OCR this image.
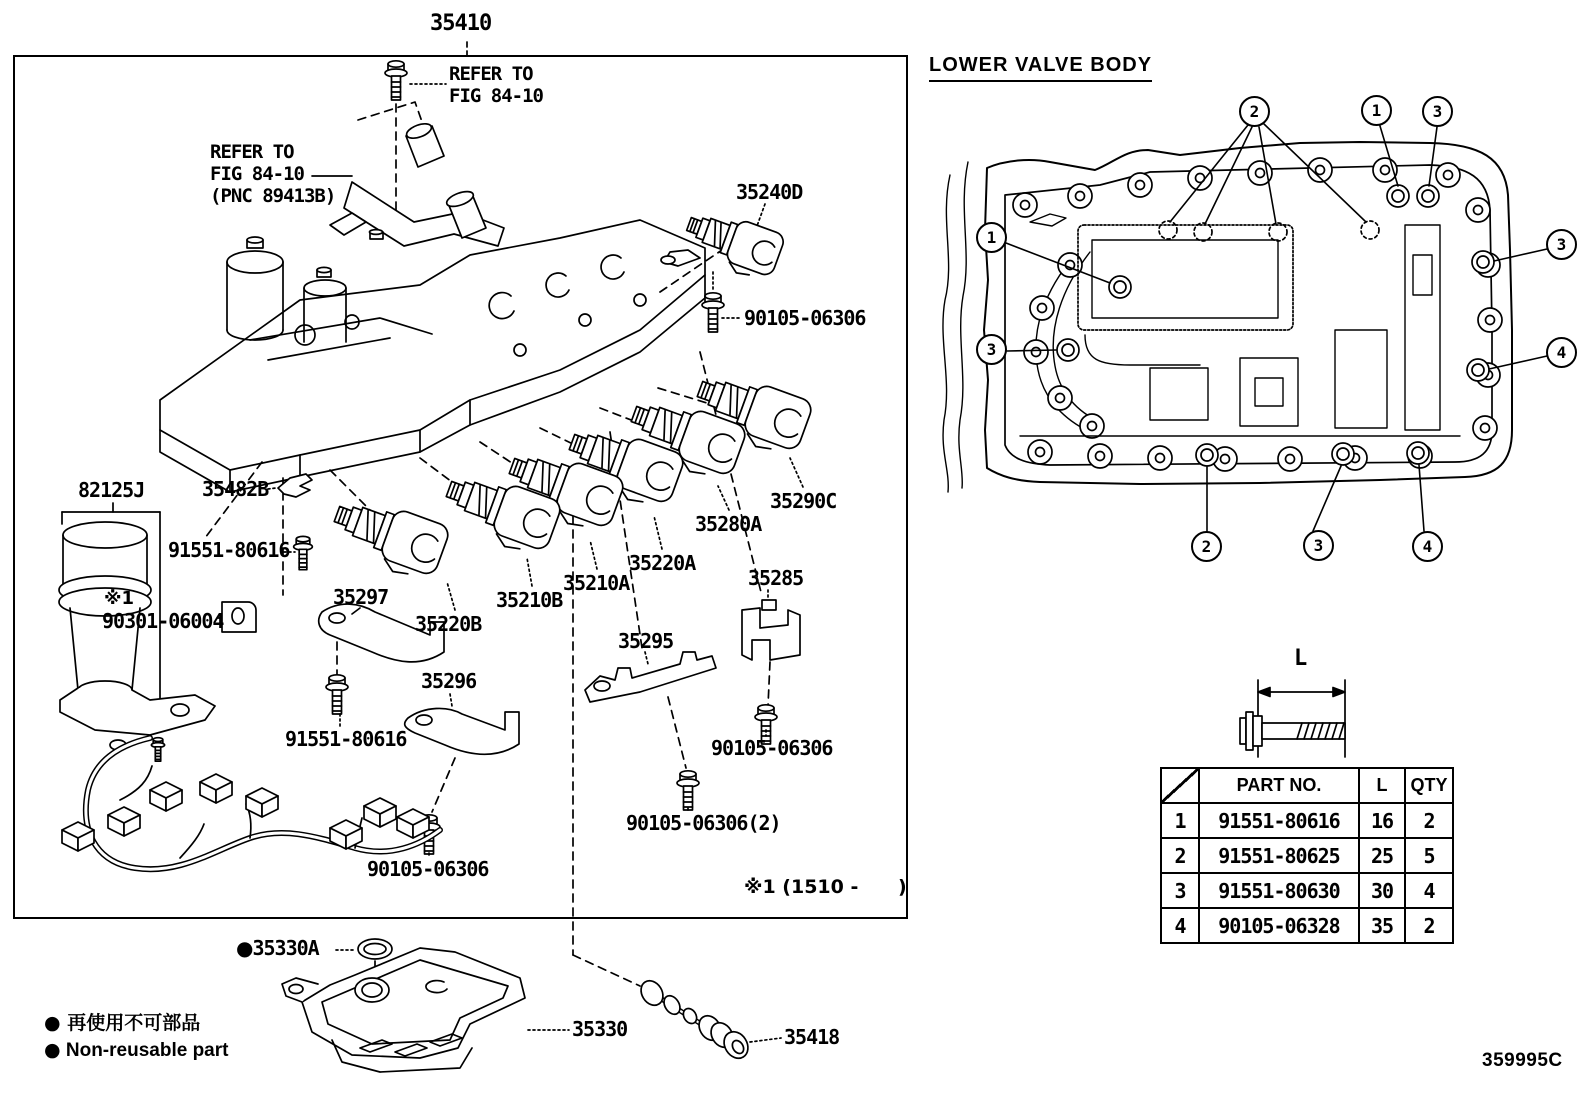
35410
REFER TO
FIG 84-10
REFER TO
FIG 84-10
(PNC 89413B)	35240D
90105-06306
82125J	35482B
91551-80616
※1
90301-06004
35297
35220B
35210B
35210A
35220A
35280A
35290C
35285
35295
35296
91551-80616	90105-06306
90105-06306(2)
90105-06306
※1 (1510 -      )
●35330A
35330	35418
● 再使用不可部品
● Non-reusable part
LOWER VALVE BODY
2	1	3
1
3
3
4
2	3	4
L
	PART NO.	L	QTY
1	91551-80616	16	2
2	91551-80625	25	5
3	91551-80630	30	4
4	90105-06328	35	2
359995C
